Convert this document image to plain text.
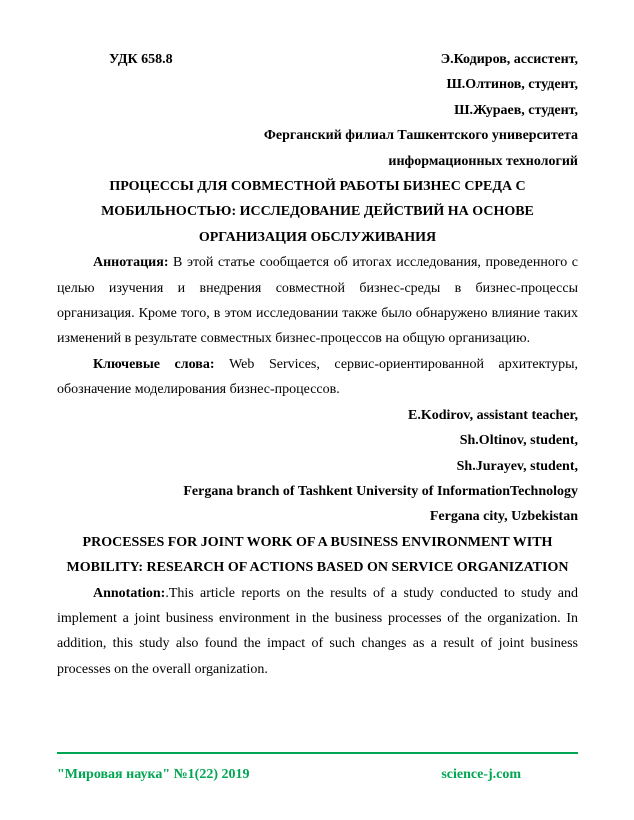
УДК 658.8	Э.Кодиров, ассистент,
Ш.Олтинов, студент,
Ш.Жураев, студент,
Ферганский филиал Ташкентского университета
информационных технологий
ПРОЦЕССЫ ДЛЯ СОВМЕСТНОЙ РАБОТЫ БИЗНЕС СРЕДА С МОБИЛЬНОСТЬЮ: ИССЛЕДОВАНИЕ ДЕЙСТВИЙ НА ОСНОВЕ ОРГАНИЗАЦИЯ ОБСЛУЖИВАНИЯ
Аннотация: В этой статье сообщается об итогах исследования, проведенного с целью изучения и внедрения совместной бизнес-среды в бизнес-процессы организация. Кроме того, в этом исследовании также было обнаружено влияние таких изменений в результате совместных бизнес-процессов на общую организацию.
Ключевые слова: Web Services, сервис-ориентированной архитектуры, обозначение моделирования бизнес-процессов.
E.Kodirov, assistant teacher,
Sh.Oltinov, student,
Sh.Jurayev, student,
Fergana branch of Tashkent University of InformationTechnology
Fergana city, Uzbekistan
PROCESSES FOR JOINT WORK OF A BUSINESS ENVIRONMENT WITH MOBILITY: RESEARCH OF ACTIONS BASED ON SERVICE ORGANIZATION
Annotation:.This article reports on the results of a study conducted to study and implement a joint business environment in the business processes of the organization. In addition, this study also found the impact of such changes as a result of joint business processes on the overall organization.
"Мировая наука" №1(22) 2019	science-j.com
